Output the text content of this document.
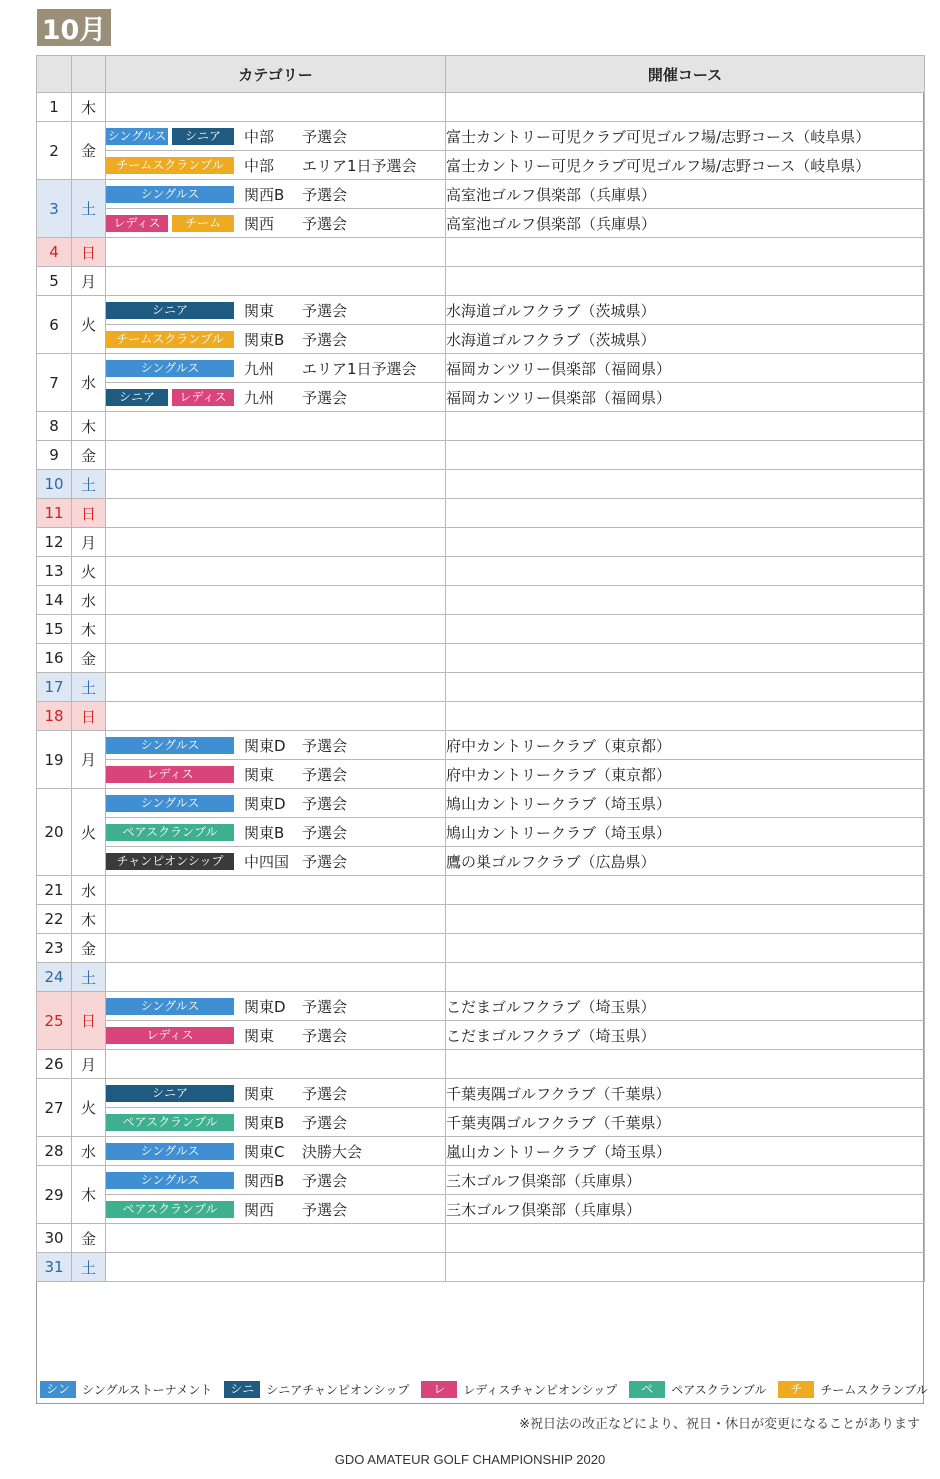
10月
		カテゴリー	開催コース
1	木		
2	金	シングルス シニア 中部 予選会	富士カントリー可児クラブ可児ゴルフ場/志野コース（岐阜県）
		チームスクランブル 中部 エリア1日予選会	富士カントリー可児クラブ可児ゴルフ場/志野コース（岐阜県）
3	土	シングルス 関西B 予選会	高室池ゴルフ倶楽部（兵庫県）
		レディス チーム 関西 予選会	高室池ゴルフ倶楽部（兵庫県）
4	日		
5	月		
6	火	シニア 関東 予選会	水海道ゴルフクラブ（茨城県）
		チームスクランブル 関東B 予選会	水海道ゴルフクラブ（茨城県）
7	水	シングルス 九州 エリア1日予選会	福岡カンツリー倶楽部（福岡県）
		シニア レディス 九州 予選会	福岡カンツリー倶楽部（福岡県）
8	木		
9	金		
10	土		
11	日		
12	月		
13	火		
14	水		
15	木		
16	金		
17	土		
18	日		
19	月	シングルス 関東D 予選会	府中カントリークラブ（東京都）
		レディス 関東 予選会	府中カントリークラブ（東京都）
20	火	シングルス 関東D 予選会	鳩山カントリークラブ（埼玉県）
		ペアスクランブル 関東B 予選会	鳩山カントリークラブ（埼玉県）
		チャンピオンシップ 中四国 予選会	鷹の巣ゴルフクラブ（広島県）
21	水		
22	木		
23	金		
24	土		
25	日	シングルス 関東D 予選会	こだまゴルフクラブ（埼玉県）
		レディス 関東 予選会	こだまゴルフクラブ（埼玉県）
26	月		
27	火	シニア 関東 予選会	千葉夷隅ゴルフクラブ（千葉県）
		ペアスクランブル 関東B 予選会	千葉夷隅ゴルフクラブ（千葉県）
28	水	シングルス 関東C 決勝大会	嵐山カントリークラブ（埼玉県）
29	木	シングルス 関西B 予選会	三木ゴルフ倶楽部（兵庫県）
		ペアスクランブル 関西 予選会	三木ゴルフ倶楽部（兵庫県）
30	金		
31	土		
シン	シングルストーナメント	シニ	シニアチャンピオンシップ	レ	レディスチャンピオンシップ	ペ	ペアスクランブル	チ	チームスクランブル
※祝日法の改正などにより、祝日・休日が変更になることがあります
GDO AMATEUR GOLF CHAMPIONSHIP 2020
